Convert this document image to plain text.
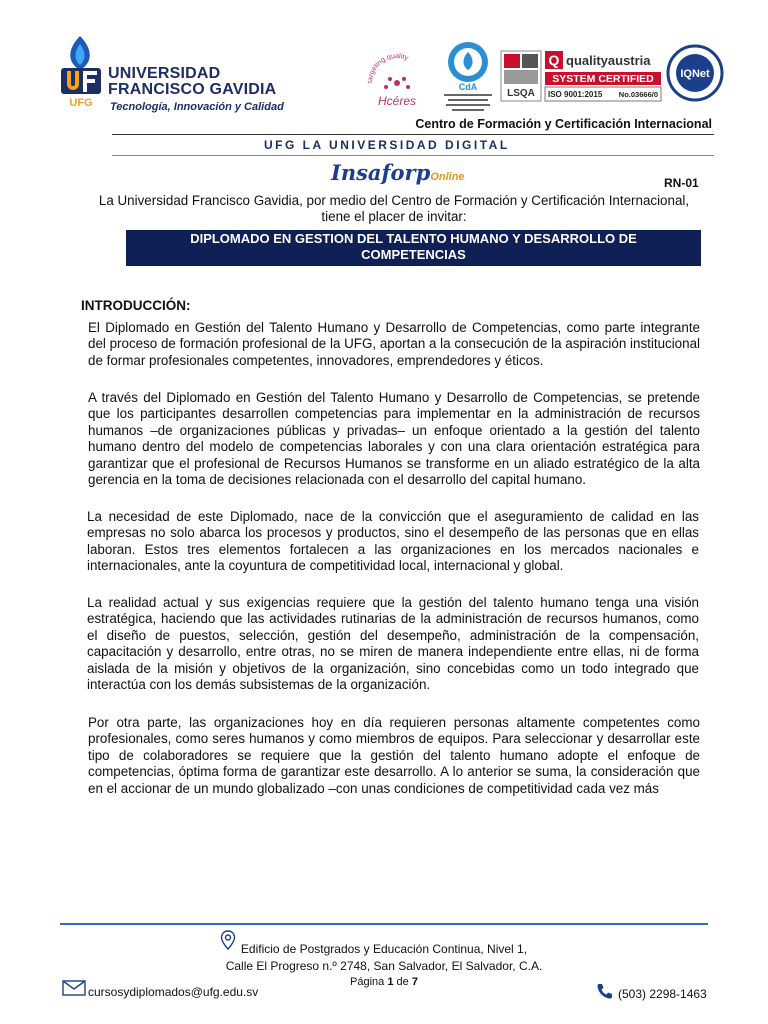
UFG
UNIVERSIDAD
FRANCISCO GAVIDIA
Tecnología, Innovación y Calidad
targeting quality
Hcéres
CdA
LSQA
Q qualityaustria
SYSTEM CERTIFIED
ISO 9001:2015 No.03666/0
IQNet
Centro de Formación y Certificación Internacional
UFG LA UNIVERSIDAD DIGITAL
InsaforpOnline	RN-01
La Universidad Francisco Gavidia, por medio del Centro de Formación y Certificación Internacional,
tiene el placer de invitar:
DIPLOMADO EN GESTION DEL TALENTO HUMANO Y DESARROLLO DE
COMPETENCIAS
INTRODUCCIÓN:
El Diplomado en Gestión del Talento Humano y Desarrollo de Competencias, como parte integrante del proceso de formación profesional de la UFG, aportan a la consecución de la aspiración institucional de formar profesionales competentes, innovadores, emprendedores y éticos.
A través del Diplomado en Gestión del Talento Humano y Desarrollo de Competencias, se pretende que los participantes desarrollen competencias para implementar en la administración de recursos humanos –de organizaciones públicas y privadas– un enfoque orientado a la gestión del talento humano dentro del modelo de competencias laborales y con una clara orientación estratégica para garantizar que el profesional de Recursos Humanos se transforme en un aliado estratégico de la alta gerencia en la toma de decisiones relacionada con el desarrollo del capital humano.
La necesidad de este Diplomado, nace de la convicción que el aseguramiento de calidad en las empresas no solo abarca los procesos y productos, sino el desempeño de las personas que en ellas laboran. Estos tres elementos fortalecen a las organizaciones en los mercados nacionales e internacionales, ante la coyuntura de competitividad local, internacional y global.
La realidad actual y sus exigencias requiere que la gestión del talento humano tenga una visión estratégica, haciendo que las actividades rutinarias de la administración de recursos humanos, como el diseño de puestos, selección, gestión del desempeño, administración de la compensación, capacitación y desarrollo, entre otras, no se miren de manera independiente entre ellas, ni de forma aislada de la misión y objetivos de la organización, sino concebidas como un todo integrado que interactúa con los demás subsistemas de la organización.
Por otra parte, las organizaciones hoy en día requieren personas altamente competentes como profesionales, como seres humanos y como miembros de equipos. Para seleccionar y desarrollar este tipo de colaboradores se requiere que la gestión del talento humano adopte el enfoque de competencias, óptima forma de garantizar este desarrollo. A lo anterior se suma, la consideración que en el accionar de un mundo globalizado –con unas condiciones de competitividad cada vez más
Edificio de Postgrados y Educación Continua, Nivel 1,
Calle El Progreso n.º 2748, San Salvador, El Salvador, C.A.
Página 1 de 7
cursosydiplomados@ufg.edu.sv	(503) 2298-1463
